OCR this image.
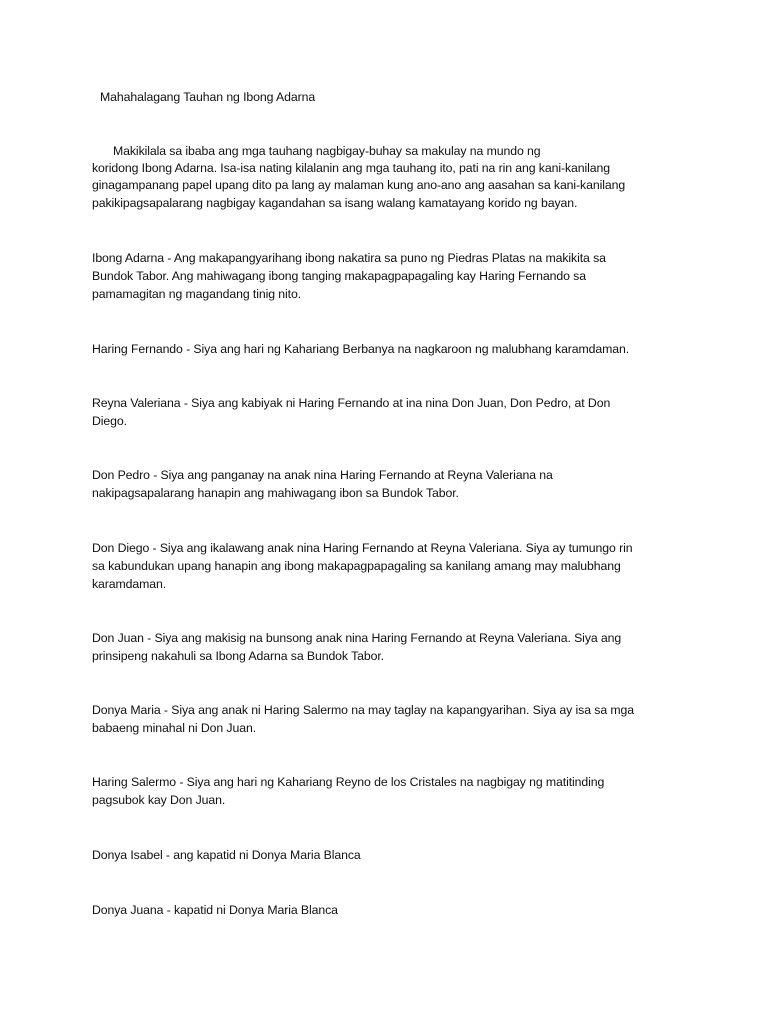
Mahahalagang Tauhan ng Ibong Adarna
Makikilala sa ibaba ang mga tauhang nagbigay-buhay sa makulay na mundo ng
koridong Ibong Adarna. Isa-isa nating kilalanin ang mga tauhang ito, pati na rin ang kani-kanilang
ginagampanang papel upang dito pa lang ay malaman kung ano-ano ang aasahan sa kani-kanilang
pakikipagsapalarang nagbigay kagandahan sa isang walang kamatayang korido ng bayan.
Ibong Adarna - Ang makapangyarihang ibong nakatira sa puno ng Piedras Platas na makikita sa
Bundok Tabor. Ang mahiwagang ibong tanging makapagpapagaling kay Haring Fernando sa
pamamagitan ng magandang tinig nito.
Haring Fernando - Siya ang hari ng Kahariang Berbanya na nagkaroon ng malubhang karamdaman.
Reyna Valeriana - Siya ang kabiyak ni Haring Fernando at ina nina Don Juan, Don Pedro, at Don
Diego.
Don Pedro - Siya ang panganay na anak nina Haring Fernando at Reyna Valeriana na
nakipagsapalarang hanapin ang mahiwagang ibon sa Bundok Tabor.
Don Diego - Siya ang ikalawang anak nina Haring Fernando at Reyna Valeriana. Siya ay tumungo rin
sa kabundukan upang hanapin ang ibong makapagpapagaling sa kanilang amang may malubhang
karamdaman.
Don Juan - Siya ang makisig na bunsong anak nina Haring Fernando at Reyna Valeriana. Siya ang
prinsipeng nakahuli sa Ibong Adarna sa Bundok Tabor.
Donya Maria - Siya ang anak ni Haring Salermo na may taglay na kapangyarihan. Siya ay isa sa mga
babaeng minahal ni Don Juan.
Haring Salermo - Siya ang hari ng Kahariang Reyno de los Cristales na nagbigay ng matitinding
pagsubok kay Don Juan.
Donya Isabel - ang kapatid ni Donya Maria Blanca
Donya Juana - kapatid ni Donya Maria Blanca
